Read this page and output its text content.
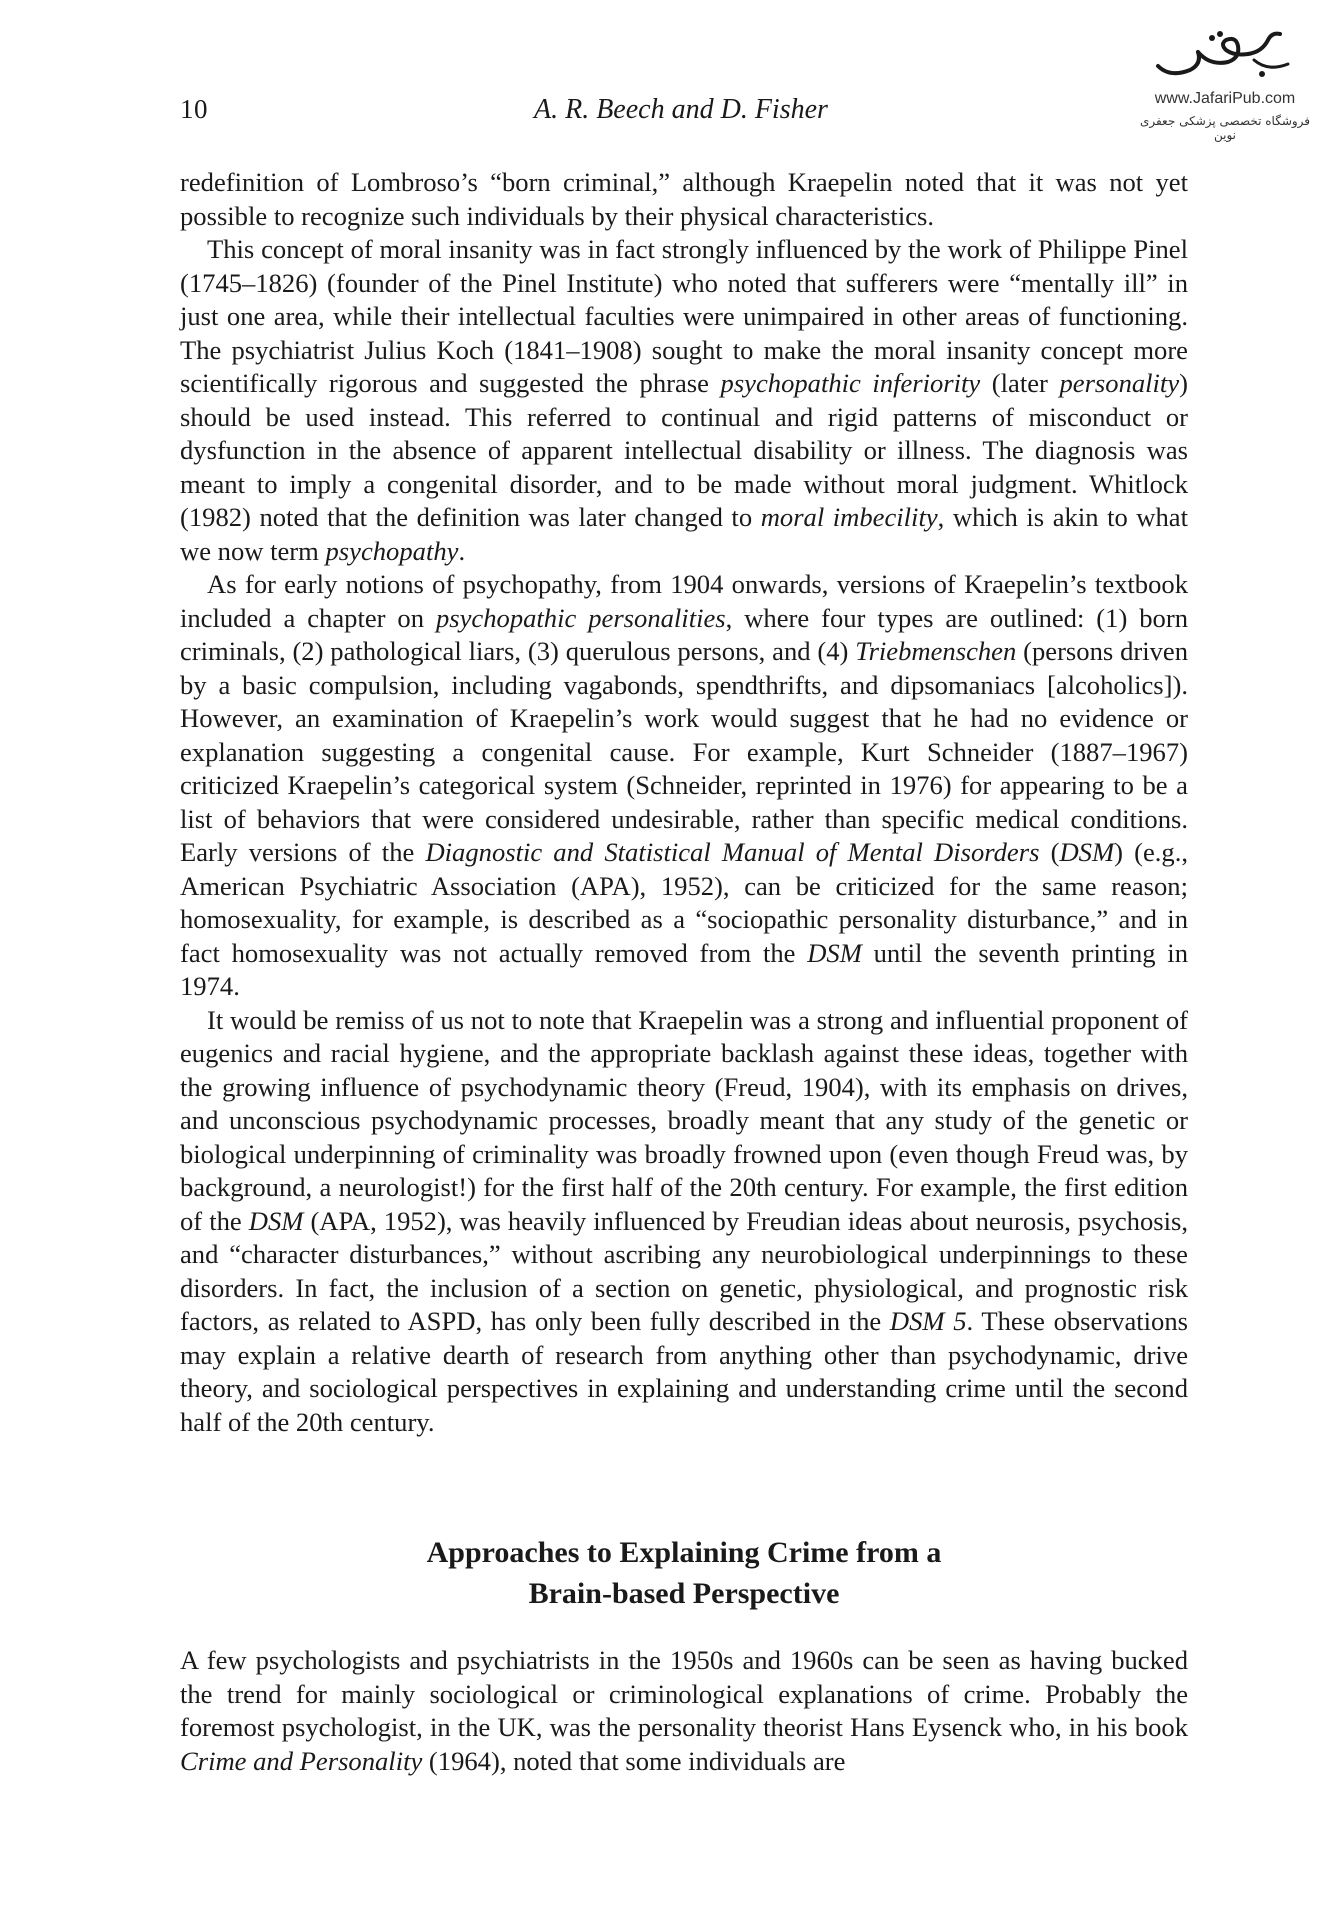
10	A. R. Beech and D. Fisher	www.JafariPub.com
فروشگاه تخصصی پزشکی جعفری نوین

redefinition of Lombroso’s “born criminal,” although Kraepelin noted that it was not yet possible to recognize such individuals by their physical characteristics.

This concept of moral insanity was in fact strongly influenced by the work of Philippe Pinel (1745–1826) (founder of the Pinel Institute) who noted that sufferers were “mentally ill” in just one area, while their intellectual faculties were unimpaired in other areas of functioning. The psychiatrist Julius Koch (1841–1908) sought to make the moral insanity concept more scientifically rigorous and suggested the phrase psychopathic inferiority (later personality) should be used instead. This referred to continual and rigid patterns of misconduct or dysfunction in the absence of apparent intellectual disability or illness. The diagnosis was meant to imply a congenital disorder, and to be made without moral judgment. Whitlock (1982) noted that the definition was later changed to moral imbecility, which is akin to what we now term psychopathy.

As for early notions of psychopathy, from 1904 onwards, versions of Kraepelin’s textbook included a chapter on psychopathic personalities, where four types are outlined: (1) born criminals, (2) pathological liars, (3) querulous persons, and (4) Triebmenschen (persons driven by a basic compulsion, including vagabonds, spendthrifts, and dipsomaniacs [alcoholics]). However, an examination of Kraepelin’s work would suggest that he had no evidence or explanation suggesting a congenital cause. For example, Kurt Schneider (1887–1967) criticized Kraepelin’s categorical system (Schneider, reprinted in 1976) for appearing to be a list of behaviors that were considered undesirable, rather than specific medical conditions. Early versions of the Diagnostic and Statistical Manual of Mental Disorders (DSM) (e.g., American Psychiatric Association (APA), 1952), can be criticized for the same reason; homosexuality, for example, is described as a “sociopathic personality disturbance,” and in fact homosexuality was not actually removed from the DSM until the seventh printing in 1974.

It would be remiss of us not to note that Kraepelin was a strong and influential proponent of eugenics and racial hygiene, and the appropriate backlash against these ideas, together with the growing influence of psychodynamic theory (Freud, 1904), with its emphasis on drives, and unconscious psychodynamic processes, broadly meant that any study of the genetic or biological underpinning of criminality was broadly frowned upon (even though Freud was, by background, a neurologist!) for the first half of the 20th century. For example, the first edition of the DSM (APA, 1952), was heavily influenced by Freudian ideas about neurosis, psychosis, and “character disturbances,” without ascribing any neurobiological underpinnings to these disorders. In fact, the inclusion of a section on genetic, physiological, and prognostic risk factors, as related to ASPD, has only been fully described in the DSM 5. These observations may explain a relative dearth of research from anything other than psychodynamic, drive theory, and sociological perspectives in explaining and understanding crime until the second half of the 20th century.

Approaches to Explaining Crime from a
Brain-based Perspective

A few psychologists and psychiatrists in the 1950s and 1960s can be seen as having bucked the trend for mainly sociological or criminological explanations of crime. Probably the foremost psychologist, in the UK, was the personality theorist Hans Eysenck who, in his book Crime and Personality (1964), noted that some individuals are
